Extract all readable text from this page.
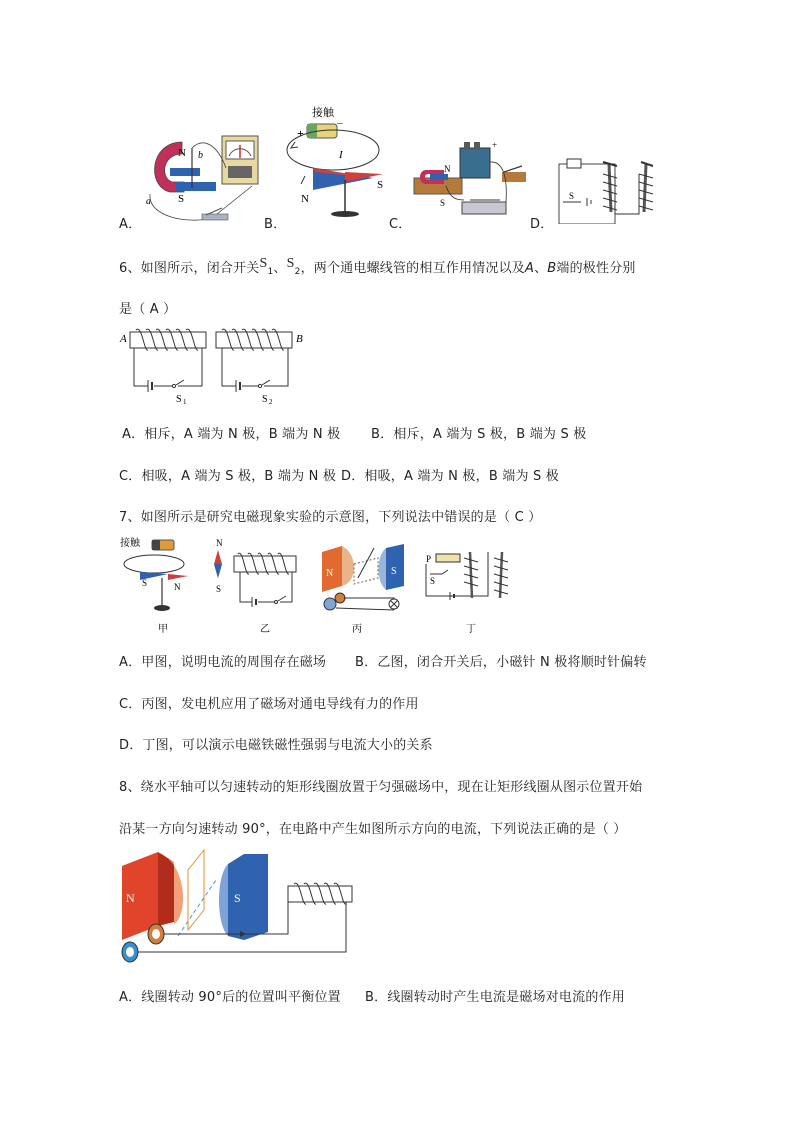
A．
N
S
a
b
B．
接触 _
+
I
N
S
C．
N
S
+
D．
S
6、如图所示，闭合开关$S_1$、$S_2$，两个通电螺线管的相互作用情况以及A、B端的极性分别
是（ A ）
A	B
S 1	S 2
A．相斥，A 端为 N 极，B 端为 N 极 B．相斥，A 端为 S 极，B 端为 S 极
C．相吸，A 端为 S 极，B 端为 N 极 D．相吸，A 端为 N 极，B 端为 S 极
7、如图所示是研究电磁现象实验的示意图，下列说法中错误的是（ C ）
接触
S	N
甲
N
S
乙
N	S
丙
P
S
丁
A．甲图，说明电流的周围存在磁场 B．乙图，闭合开关后，小磁针 N 极将顺时针偏转
C．丙图，发电机应用了磁场对通电导线有力的作用
D．丁图，可以演示电磁铁磁性强弱与电流大小的关系
8、绕水平轴可以匀速转动的矩形线圈放置于匀强磁场中，现在让矩形线圈从图示位置开始
沿某一方向匀速转动 90°，在电路中产生如图所示方向的电流，下列说法正确的是（ ）
N	S
A．线圈转动 90°后的位置叫平衡位置 B．线圈转动时产生电流是磁场对电流的作用
